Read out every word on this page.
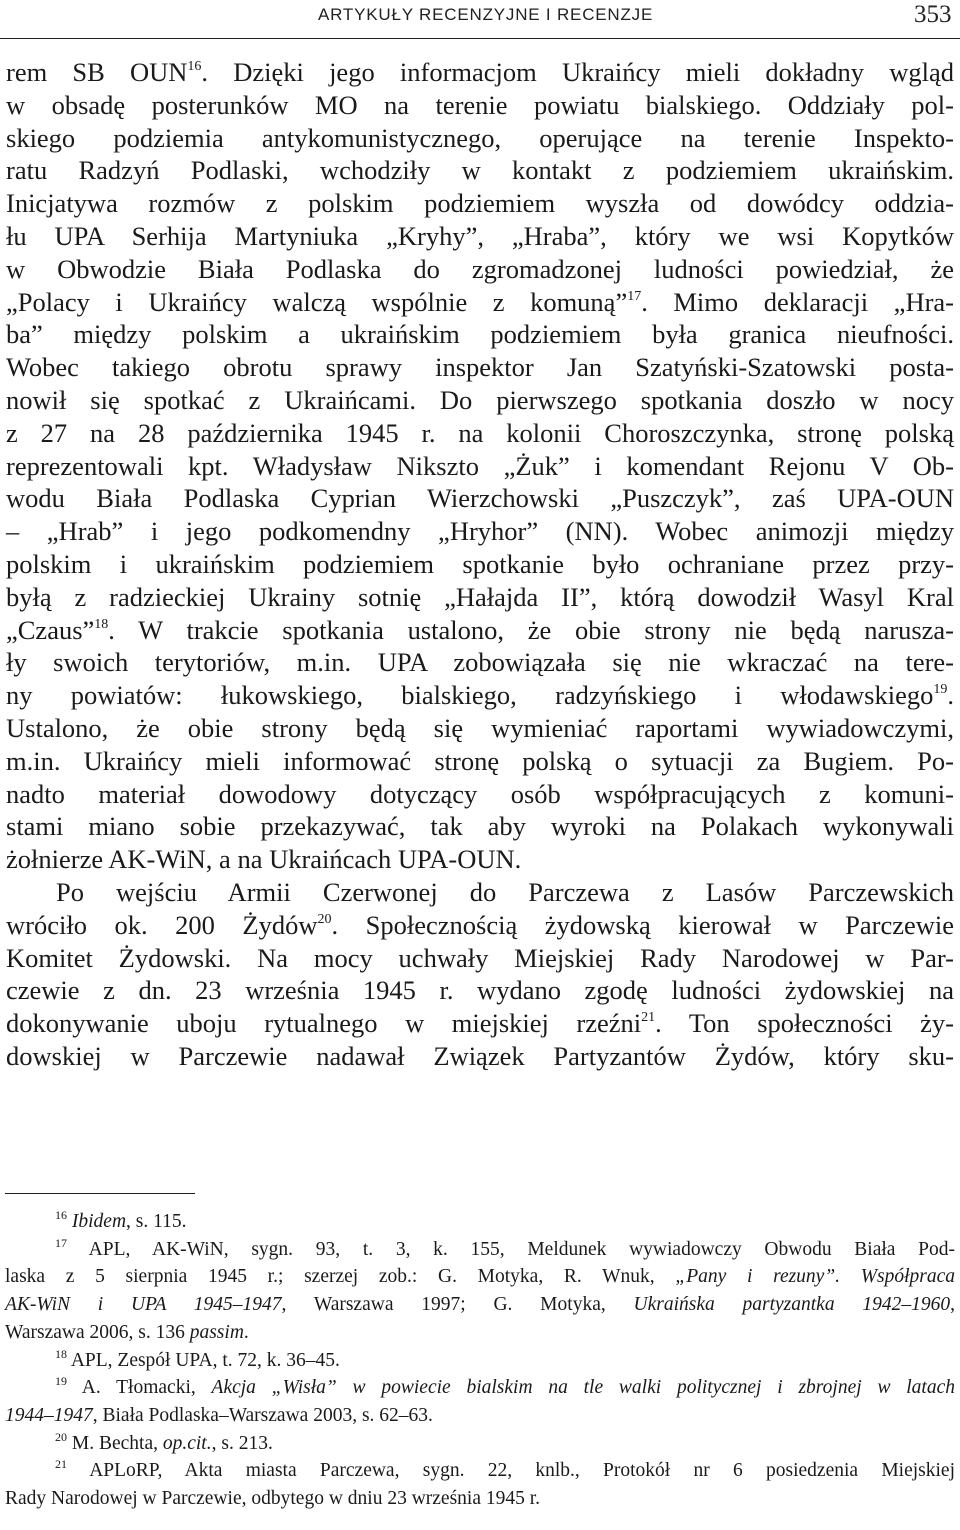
ARTYKUŁY RECENZYJNE I RECENZJE	353

rem SB OUN$^{16}$. Dzięki jego informacjom Ukraińcy mieli dokładny wgląd

w obsadę posterunków MO na terenie powiatu bialskiego. Oddziały pol-

skiego podziemia antykomunistycznego, operujące na terenie Inspekto-

ratu Radzyń Podlaski, wchodziły w kontakt z podziemiem ukraińskim.

Inicjatywa rozmów z polskim podziemiem wyszła od dowódcy oddzia-

łu UPA Serhija Martyniuka „Kryhy”, „Hraba”, który we wsi Kopytków

w Obwodzie Biała Podlaska do zgromadzonej ludności powiedział, że

„Polacy i Ukraińcy walczą wspólnie z komuną”$^{17}$. Mimo deklaracji „Hra-

ba” między polskim a ukraińskim podziemiem była granica nieufności.

Wobec takiego obrotu sprawy inspektor Jan Szatyński-Szatowski posta-

nowił się spotkać z Ukraińcami. Do pierwszego spotkania doszło w nocy

z 27 na 28 października 1945 r. na kolonii Choroszczynka, stronę polską

reprezentowali kpt. Władysław Nikszto „Żuk” i komendant Rejonu V Ob-

wodu Biała Podlaska Cyprian Wierzchowski „Puszczyk”, zaś UPA-OUN

– „Hrab” i jego podkomendny „Hryhor” (NN). Wobec animozji między

polskim i ukraińskim podziemiem spotkanie było ochraniane przez przy-

byłą z radzieckiej Ukrainy sotnię „Hałajda II”, którą dowodził Wasyl Kral

„Czaus”$^{18}$. W trakcie spotkania ustalono, że obie strony nie będą narusza-

ły swoich terytoriów, m.in. UPA zobowiązała się nie wkraczać na tere-

ny powiatów: łukowskiego, bialskiego, radzyńskiego i włodawskiego$^{19}$.

Ustalono, że obie strony będą się wymieniać raportami wywiadowczymi,

m.in. Ukraińcy mieli informować stronę polską o sytuacji za Bugiem. Po-

nadto materiał dowodowy dotyczący osób współpracujących z komuni-

stami miano sobie przekazywać, tak aby wyroki na Polakach wykonywali

żołnierze AK-WiN, a na Ukraińcach UPA-OUN.

Po wejściu Armii Czerwonej do Parczewa z Lasów Parczewskich

wróciło ok. 200 Żydów$^{20}$. Społecznością żydowską kierował w Parczewie

Komitet Żydowski. Na mocy uchwały Miejskiej Rady Narodowej w Par-

czewie z dn. 23 września 1945 r. wydano zgodę ludności żydowskiej na

dokonywanie uboju rytualnego w miejskiej rzeźni$^{21}$. Ton społeczności ży-

dowskiej w Parczewie nadawał Związek Partyzantów Żydów, który sku-

$^{16}$ Ibidem, s. 115.

$^{17}$ APL, AK-WiN, sygn. 93, t. 3, k. 155, Meldunek wywiadowczy Obwodu Biała Pod-

laska z 5 sierpnia 1945 r.; szerzej zob.: G. Motyka, R. Wnuk, „Pany i rezuny”. Współpraca

AK-WiN i UPA 1945–1947, Warszawa 1997; G. Motyka, Ukraińska partyzantka 1942–1960,

Warszawa 2006, s. 136 passim.

$^{18}$ APL, Zespół UPA, t. 72, k. 36–45.

$^{19}$ A. Tłomacki, Akcja „Wisła” w powiecie bialskim na tle walki politycznej i zbrojnej w latach

1944–1947, Biała Podlaska–Warszawa 2003, s. 62–63.

$^{20}$ M. Bechta, op.cit., s. 213.

$^{21}$ APLoRP, Akta miasta Parczewa, sygn. 22, knlb., Protokół nr 6 posiedzenia Miejskiej

Rady Narodowej w Parczewie, odbytego w dniu 23 września 1945 r.
